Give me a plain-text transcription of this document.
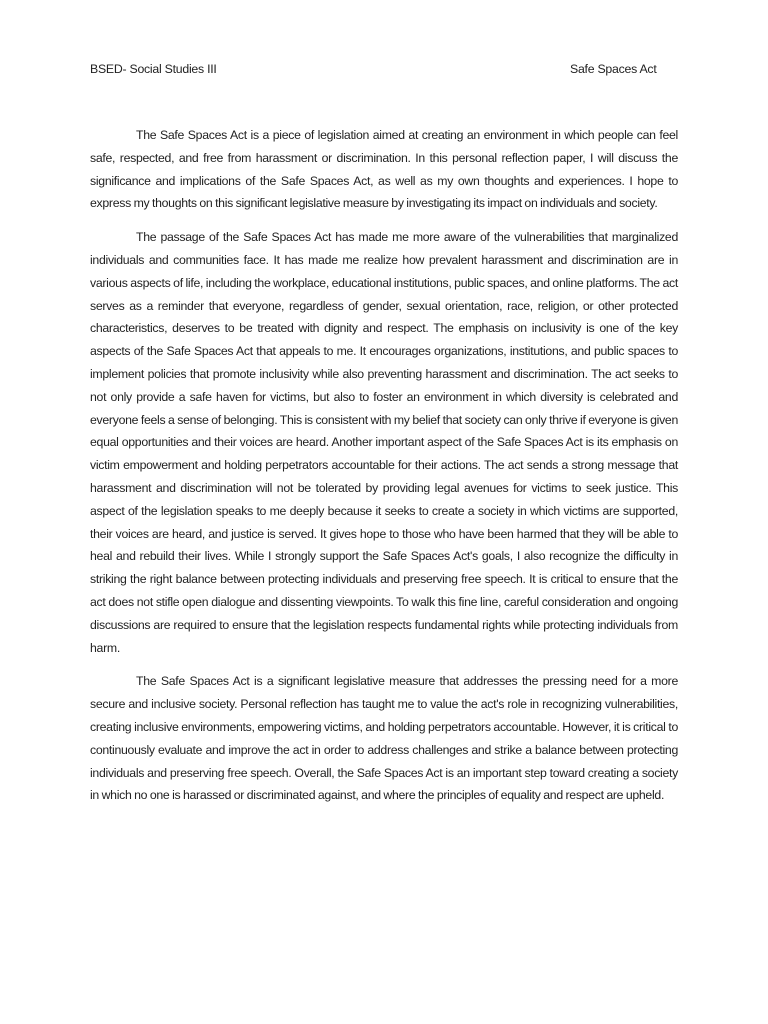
BSED- Social Studies III	Safe Spaces Act

The Safe Spaces Act is a piece of legislation aimed at creating an environment in which people can feel safe, respected, and free from harassment or discrimination. In this personal reflection paper, I will discuss the significance and implications of the Safe Spaces Act, as well as my own thoughts and experiences. I hope to express my thoughts on this significant legislative measure by investigating its impact on individuals and society.

The passage of the Safe Spaces Act has made me more aware of the vulnerabilities that marginalized individuals and communities face. It has made me realize how prevalent harassment and discrimination are in various aspects of life, including the workplace, educational institutions, public spaces, and online platforms. The act serves as a reminder that everyone, regardless of gender, sexual orientation, race, religion, or other protected characteristics, deserves to be treated with dignity and respect. The emphasis on inclusivity is one of the key aspects of the Safe Spaces Act that appeals to me. It encourages organizations, institutions, and public spaces to implement policies that promote inclusivity while also preventing harassment and discrimination. The act seeks to not only provide a safe haven for victims, but also to foster an environment in which diversity is celebrated and everyone feels a sense of belonging. This is consistent with my belief that society can only thrive if everyone is given equal opportunities and their voices are heard. Another important aspect of the Safe Spaces Act is its emphasis on victim empowerment and holding perpetrators accountable for their actions. The act sends a strong message that harassment and discrimination will not be tolerated by providing legal avenues for victims to seek justice. This aspect of the legislation speaks to me deeply because it seeks to create a society in which victims are supported, their voices are heard, and justice is served. It gives hope to those who have been harmed that they will be able to heal and rebuild their lives. While I strongly support the Safe Spaces Act's goals, I also recognize the difficulty in striking the right balance between protecting individuals and preserving free speech. It is critical to ensure that the act does not stifle open dialogue and dissenting viewpoints. To walk this fine line, careful consideration and ongoing discussions are required to ensure that the legislation respects fundamental rights while protecting individuals from harm.

The Safe Spaces Act is a significant legislative measure that addresses the pressing need for a more secure and inclusive society. Personal reflection has taught me to value the act's role in recognizing vulnerabilities, creating inclusive environments, empowering victims, and holding perpetrators accountable. However, it is critical to continuously evaluate and improve the act in order to address challenges and strike a balance between protecting individuals and preserving free speech. Overall, the Safe Spaces Act is an important step toward creating a society in which no one is harassed or discriminated against, and where the principles of equality and respect are upheld.
